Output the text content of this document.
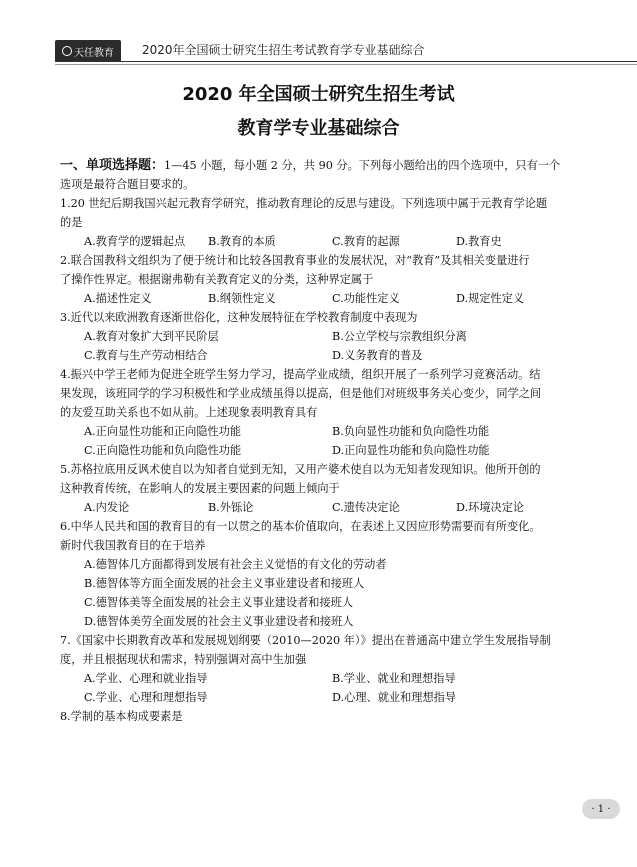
天任教育 2020年全国硕士研究生招生考试教育学专业基础综合
2020 年全国硕士研究生招生考试
教育学专业基础综合

一、单项选择题：1—45 小题，每小题 2 分，共 90 分。下列每小题给出的四个选项中，只有一个

选项是最符合题目要求的。

1.20 世纪后期我国兴起元教育学研究，推动教育理论的反思与建设。下列选项中属于元教育学论题

的是

A.教育学的逻辑起点	B.教育的本质	C.教育的起源	D.教育史

2.联合国教科文组织为了便于统计和比较各国教育事业的发展状况，对“教育”及其相关变量进行

了操作性界定。根据谢弗勒有关教育定义的分类，这种界定属于

A.描述性定义	B.纲领性定义	C.功能性定义	D.规定性定义

3.近代以来欧洲教育逐渐世俗化，这种发展特征在学校教育制度中表现为

A.教育对象扩大到平民阶层	B.公立学校与宗教组织分离
C.教育与生产劳动相结合	D.义务教育的普及

4.振兴中学王老师为促进全班学生努力学习，提高学业成绩，组织开展了一系列学习竞赛活动。结

果发现，该班同学的学习积极性和学业成绩虽得以提高，但是他们对班级事务关心变少，同学之间

的友爱互助关系也不如从前。上述现象表明教育具有

A.正向显性功能和正向隐性功能	B.负向显性功能和负向隐性功能
C.正向隐性功能和负向隐性功能	D.正向显性功能和负向隐性功能

5.苏格拉底用反讽术使自以为知者自觉到无知，又用产婆术使自以为无知者发现知识。他所开创的

这种教育传统，在影响人的发展主要因素的问题上倾向于

A.内发论	B.外铄论	C.遗传决定论	D.环境决定论

6.中华人民共和国的教育目的有一以贯之的基本价值取向，在表述上又因应形势需要而有所变化。

新时代我国教育目的在于培养

A.德智体几方面都得到发展有社会主义觉悟的有文化的劳动者
B.德智体等方面全面发展的社会主义事业建设者和接班人
C.德智体美等全面发展的社会主义事业建设者和接班人
D.德智体美劳全面发展的社会主义事业建设者和接班人

7.《国家中长期教育改革和发展规划纲要（2010—2020 年）》提出在普通高中建立学生发展指导制

度，并且根据现状和需求，特别强调对高中生加强

A.学业、心理和就业指导	B.学业、就业和理想指导
C.学业、心理和理想指导	D.心理、就业和理想指导

8.学制的基本构成要素是

· 1 ·
